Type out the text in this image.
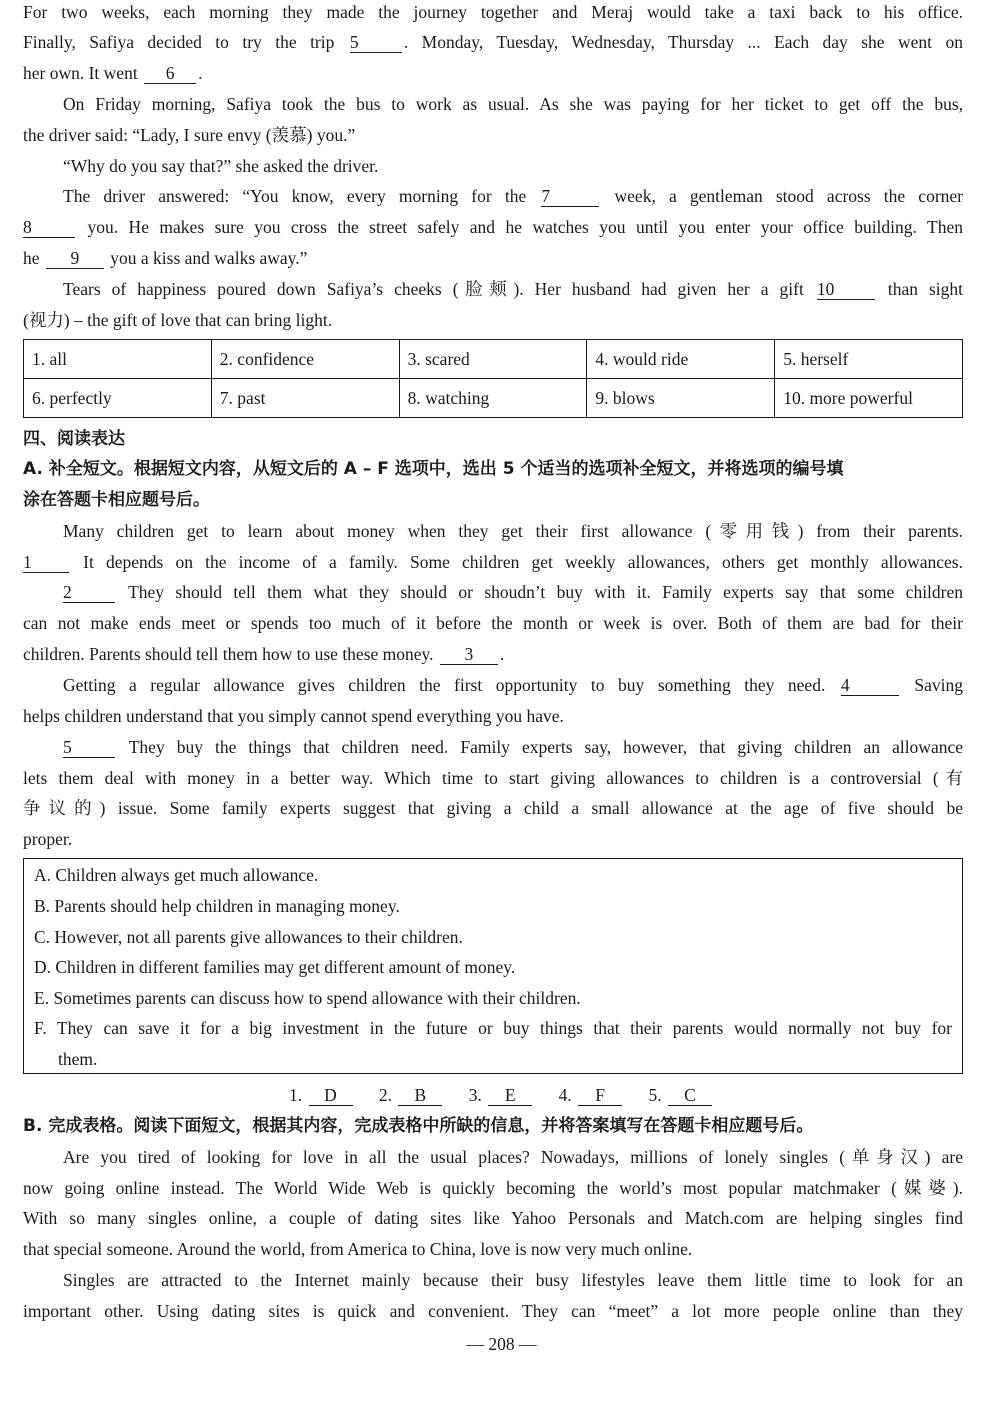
For two weeks, each morning they made the journey together and Meraj would take a taxi back to his office.
Finally, Safiya decided to try the trip 5	. Monday, Tuesday, Wednesday, Thursday ... Each day she went on
her own. It went 6 .
On Friday morning, Safiya took the bus to work as usual. As she was paying for her ticket to get off the bus,
the driver said: “Lady, I sure envy (羡慕) you.”
“Why do you say that?” she asked the driver.
The driver answered: “You know, every morning for the 7	week, a gentleman stood across the corner
8	you. He makes sure you cross the street safely and he watches you until you enter your office building. Then
he 9 you a kiss and walks away.”
Tears of happiness poured down Safiya’s cheeks (脸颊). Her husband had given her a gift 10	than sight
(视力) – the gift of love that can bring light.
1. all	2. confidence	3. scared	4. would ride	5. herself
6. perfectly	7. past	8. watching	9. blows	10. more powerful
四、阅读表达
A. 补全短文。根据短文内容，从短文后的 A – F 选项中，选出 5 个适当的选项补全短文，并将选项的编号填
涂在答题卡相应题号后。
Many children get to learn about money when they get their first allowance (零用钱) from their parents.
1	It depends on the income of a family. Some children get weekly allowances, others get monthly allowances.
2	They should tell them what they should or shoudn’t buy with it. Family experts say that some children
can not make ends meet or spends too much of it before the month or week is over. Both of them are bad for their
children. Parents should tell them how to use these money. 3 .
Getting a regular allowance gives children the first opportunity to buy something they need. 4	Saving
helps children understand that you simply cannot spend everything you have.
5	They buy the things that children need. Family experts say, however, that giving children an allowance
lets them deal with money in a better way. Which time to start giving allowances to children is a controversial (有
争议的) issue. Some family experts suggest that giving a child a small allowance at the age of five should be
proper.
A. Children always get much allowance.
B. Parents should help children in managing money.
C. However, not all parents give allowances to their children.
D. Children in different families may get different amount of money.
E. Sometimes parents can discuss how to spend allowance with their children.
F. They can save it for a big investment in the future or buy things that their parents would normally not buy for
them.
1. D 2. B 3. E 4. F 5. C
B. 完成表格。阅读下面短文，根据其内容，完成表格中所缺的信息，并将答案填写在答题卡相应题号后。
Are you tired of looking for love in all the usual places? Nowadays, millions of lonely singles (单身汉) are
now going online instead. The World Wide Web is quickly becoming the world’s most popular matchmaker (媒婆).
With so many singles online, a couple of dating sites like Yahoo Personals and Match.com are helping singles find
that special someone. Around the world, from America to China, love is now very much online.
Singles are attracted to the Internet mainly because their busy lifestyles leave them little time to look for an
important other. Using dating sites is quick and convenient. They can “meet” a lot more people online than they
— 208 —
